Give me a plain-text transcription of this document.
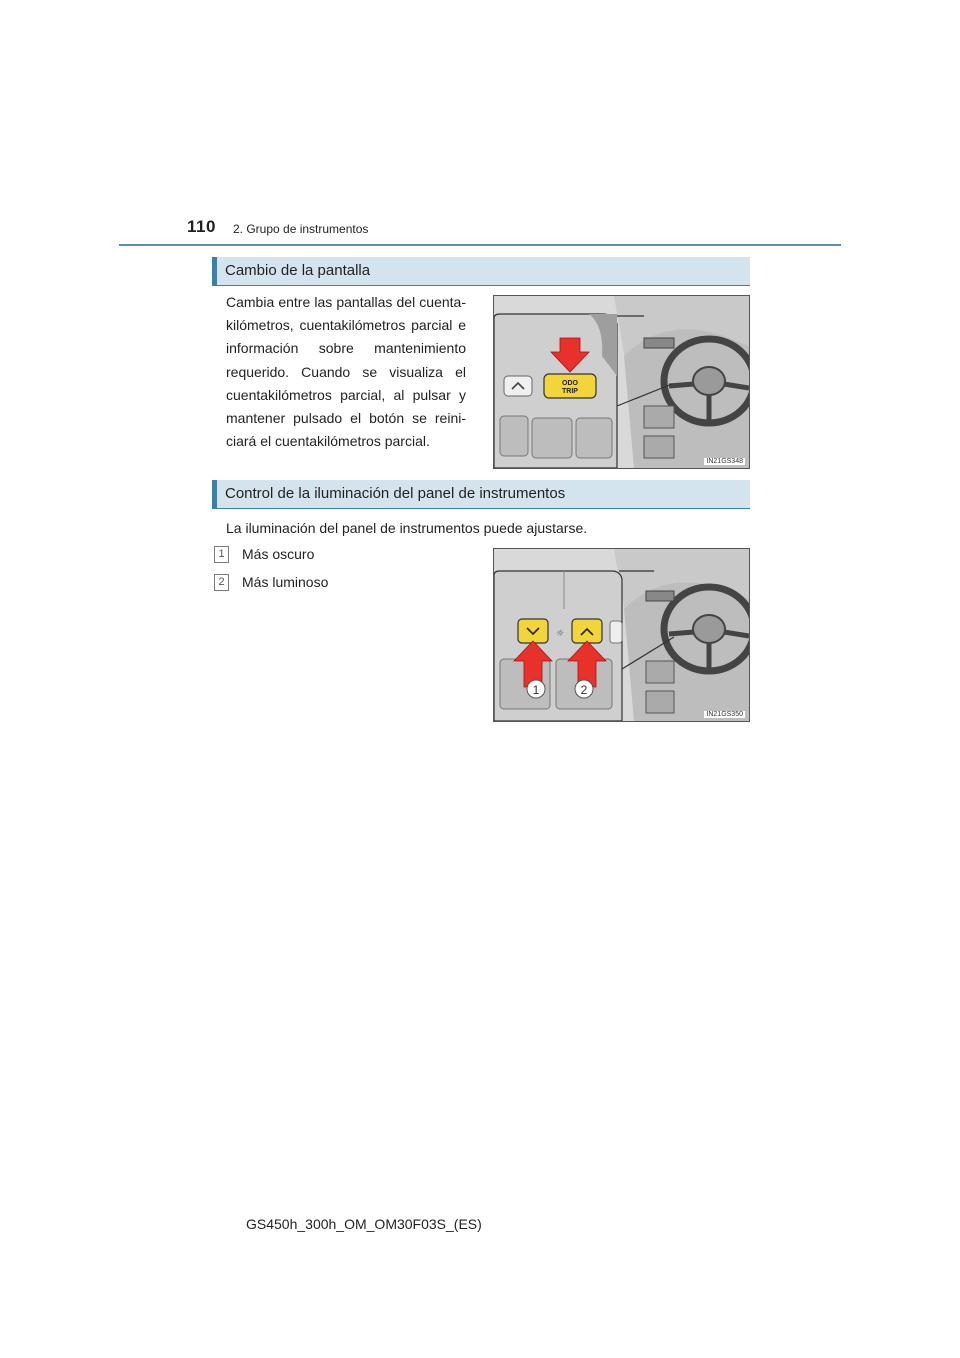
110 2. Grupo de instrumentos
Cambio de la pantalla
Cambia entre las pantallas del cuenta-
kilómetros, cuentakilómetros parcial e
información sobre mantenimiento
requerido. Cuando se visualiza el
cuentakilómetros parcial, al pulsar y
mantener pulsado el botón se reini-
ciará el cuentakilómetros parcial.
ODO
TRIP
IN21GS348
Control de la iluminación del panel de instrumentos
La iluminación del panel de instrumentos puede ajustarse.
1	Más oscuro
2	Más luminoso
☼
1	2
IN21GS350
GS450h_300h_OM_OM30F03S_(ES)
